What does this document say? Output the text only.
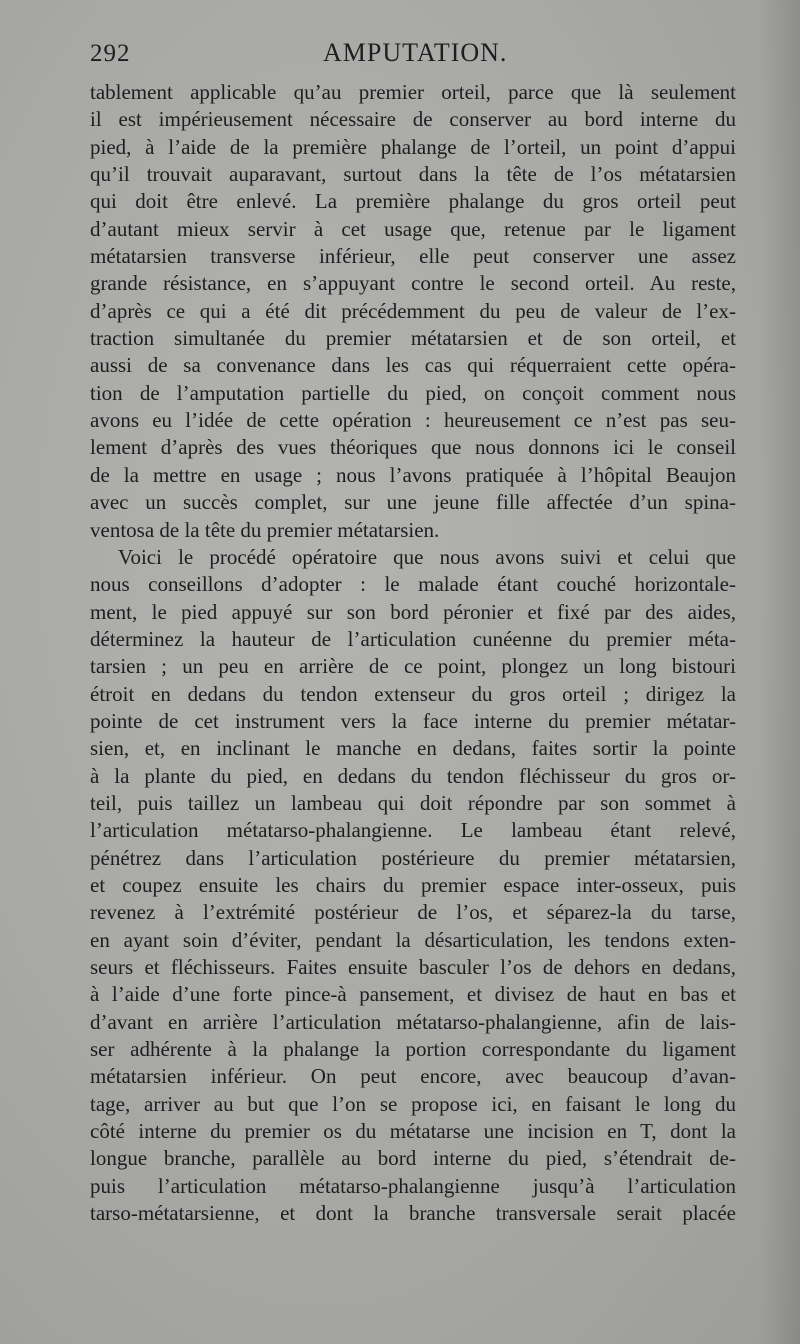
292	AMPUTATION.
tablement applicable qu’au premier orteil, parce que là seulement
il est impérieusement nécessaire de conserver au bord interne du
pied, à l’aide de la première phalange de l’orteil, un point d’appui
qu’il trouvait auparavant, surtout dans la tête de l’os métatarsien
qui doit être enlevé. La première phalange du gros orteil peut
d’autant mieux servir à cet usage que, retenue par le ligament
métatarsien transverse inférieur, elle peut conserver une assez
grande résistance, en s’appuyant contre le second orteil. Au reste,
d’après ce qui a été dit précédemment du peu de valeur de l’ex-
traction simultanée du premier métatarsien et de son orteil, et
aussi de sa convenance dans les cas qui réquerraient cette opéra-
tion de l’amputation partielle du pied, on conçoit comment nous
avons eu l’idée de cette opération : heureusement ce n’est pas seu-
lement d’après des vues théoriques que nous donnons ici le conseil
de la mettre en usage ; nous l’avons pratiquée à l’hôpital Beaujon
avec un succès complet, sur une jeune fille affectée d’un spina-
ventosa de la tête du premier métatarsien.
Voici le procédé opératoire que nous avons suivi et celui que
nous conseillons d’adopter : le malade étant couché horizontale-
ment, le pied appuyé sur son bord péronier et fixé par des aides,
déterminez la hauteur de l’articulation cunéenne du premier méta-
tarsien ; un peu en arrière de ce point, plongez un long bistouri
étroit en dedans du tendon extenseur du gros orteil ; dirigez la
pointe de cet instrument vers la face interne du premier métatar-
sien, et, en inclinant le manche en dedans, faites sortir la pointe
à la plante du pied, en dedans du tendon fléchisseur du gros or-
teil, puis taillez un lambeau qui doit répondre par son sommet à
l’articulation métatarso-phalangienne. Le lambeau étant relevé,
pénétrez dans l’articulation postérieure du premier métatarsien,
et coupez ensuite les chairs du premier espace inter-osseux, puis
revenez à l’extrémité postérieur de l’os, et séparez-la du tarse,
en ayant soin d’éviter, pendant la désarticulation, les tendons exten-
seurs et fléchisseurs. Faites ensuite basculer l’os de dehors en dedans,
à l’aide d’une forte pince-à pansement, et divisez de haut en bas et
d’avant en arrière l’articulation métatarso-phalangienne, afin de lais-
ser adhérente à la phalange la portion correspondante du ligament
métatarsien inférieur. On peut encore, avec beaucoup d’avan-
tage, arriver au but que l’on se propose ici, en faisant le long du
côté interne du premier os du métatarse une incision en T, dont la
longue branche, parallèle au bord interne du pied, s’étendrait de-
puis l’articulation métatarso-phalangienne jusqu’à l’articulation
tarso-métatarsienne, et dont la branche transversale serait placée
